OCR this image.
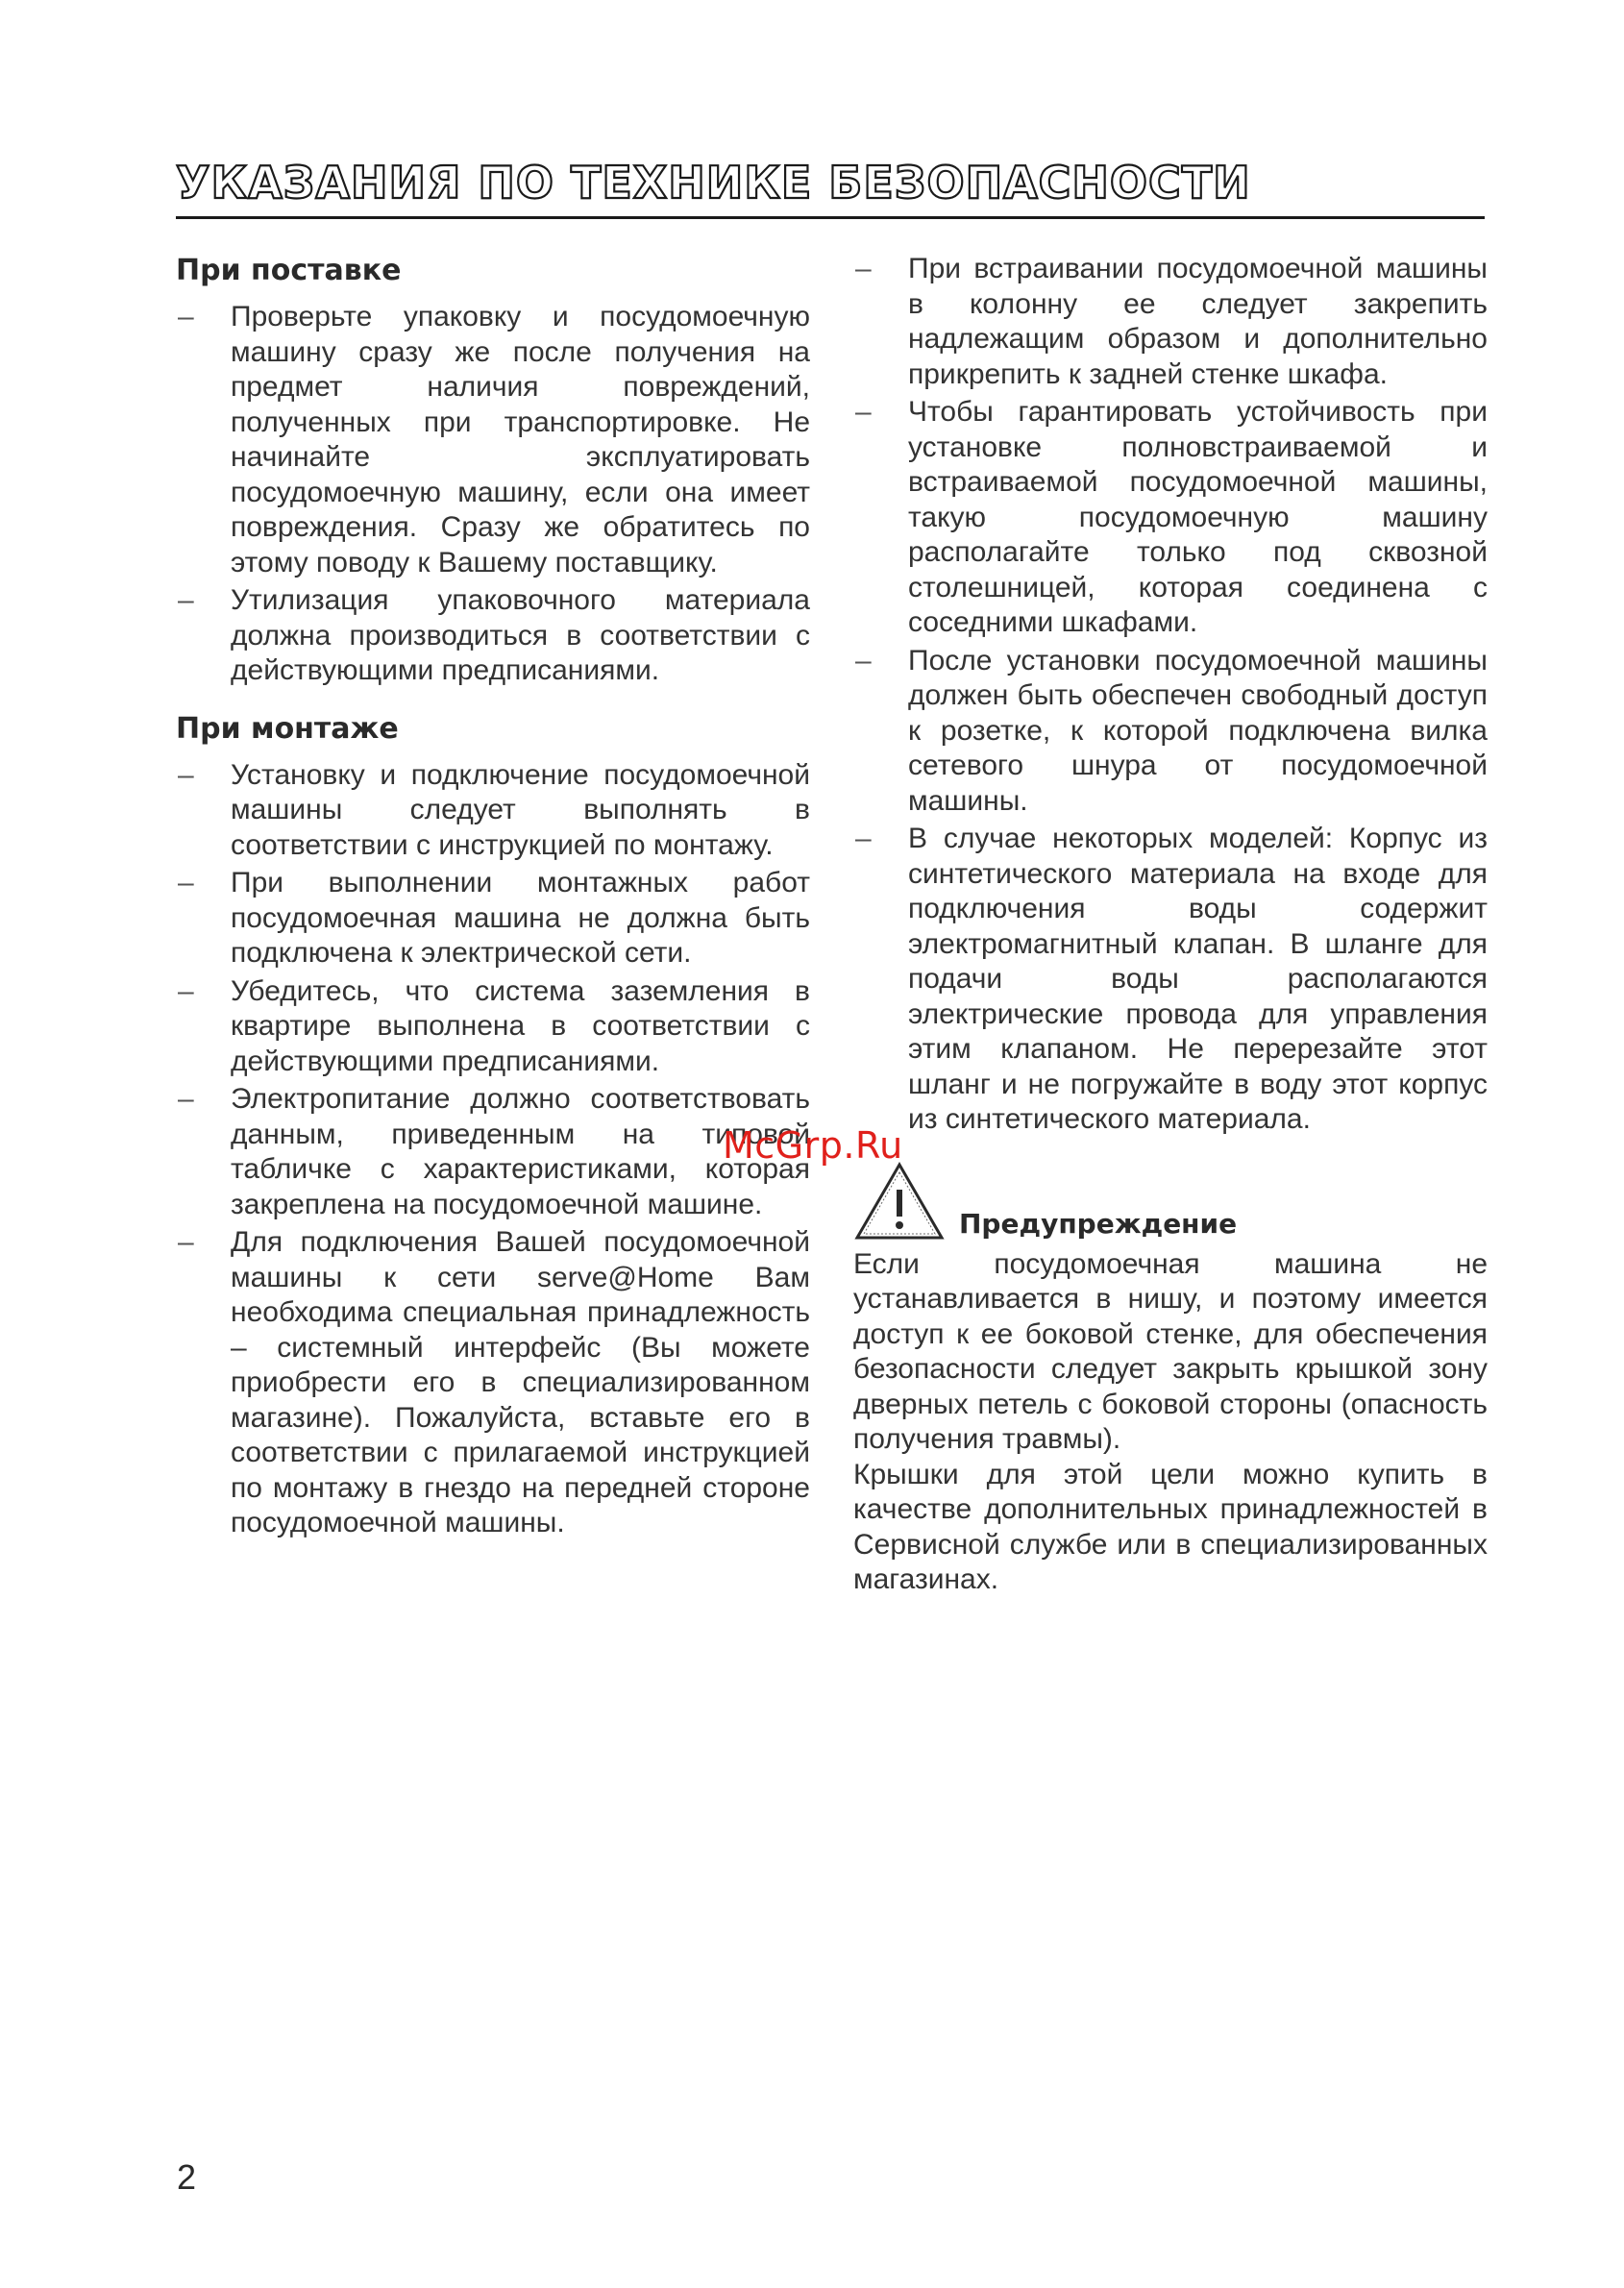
УКАЗАНИЯ ПО ТЕХНИКЕ БЕЗОПАСНОСТИ
При поставке
–	Проверьте упаковку и посудомоечную машину сразу же после получения на предмет наличия повреждений, полученных при транспортировке. Не начинайте эксплуатировать посудомоечную машину, если она имеет повреждения. Сразу же обратитесь по этому поводу к Вашему поставщику.
–	Утилизация упаковочного материала должна производиться в соответствии с действующими предписаниями.
При монтаже
–	Установку и подключение посудомоечной машины следует выполнять в соответствии с инструкцией по монтажу.
–	При выполнении монтажных работ посудомоечная машина не должна быть подключена к электрической сети.
–	Убедитесь, что система заземления в квартире выполнена в соответствии с действующими предписаниями.
–	Электропитание должно соответствовать данным, приведенным на типовой табличке с характеристиками, которая закреплена на посудомоечной машине.
–	Для подключения Вашей посудомоечной машины к сети serve@Home Вам необходима специальная принадлежность – системный интерфейс (Вы можете приобрести его в специализированном магазине). Пожалуйста, вставьте его в соответствии с прилагаемой инструкцией по монтажу в гнездо на передней стороне посудомоечной машины.
–	При встраивании посудомоечной машины в колонну ее следует закрепить надлежащим образом и дополнительно прикрепить к задней стенке шкафа.
–	Чтобы гарантировать устойчивость при установке полновстраиваемой и встраиваемой посудомоечной машины, такую посудомоечную машину располагайте только под сквозной столешницей, которая соединена с соседними шкафами.
–	После установки посудомоечной машины должен быть обеспечен свободный доступ к розетке, к которой подключена вилка сетевого шнура от посудомоечной машины.
–	В случае некоторых моделей: Корпус из синтетического материала на входе для подключения воды содержит электромагнитный клапан. В шланге для подачи воды располагаются электрические провода для управления этим клапаном. Не перерезайте этот шланг и не погружайте в воду этот корпус из синтетического материала.
Предупреждение

Если посудомоечная машина не устанавливается в нишу, и поэтому имеется доступ к ее боковой стенке, для обеспечения безопасности следует закрыть крышкой зону дверных петель с боковой стороны (опасность получения травмы).

Крышки для этой цели можно купить в качестве дополнительных принадлежностей в Сервисной службе или в специализированных магазинах.

McGrp.Ru
2
